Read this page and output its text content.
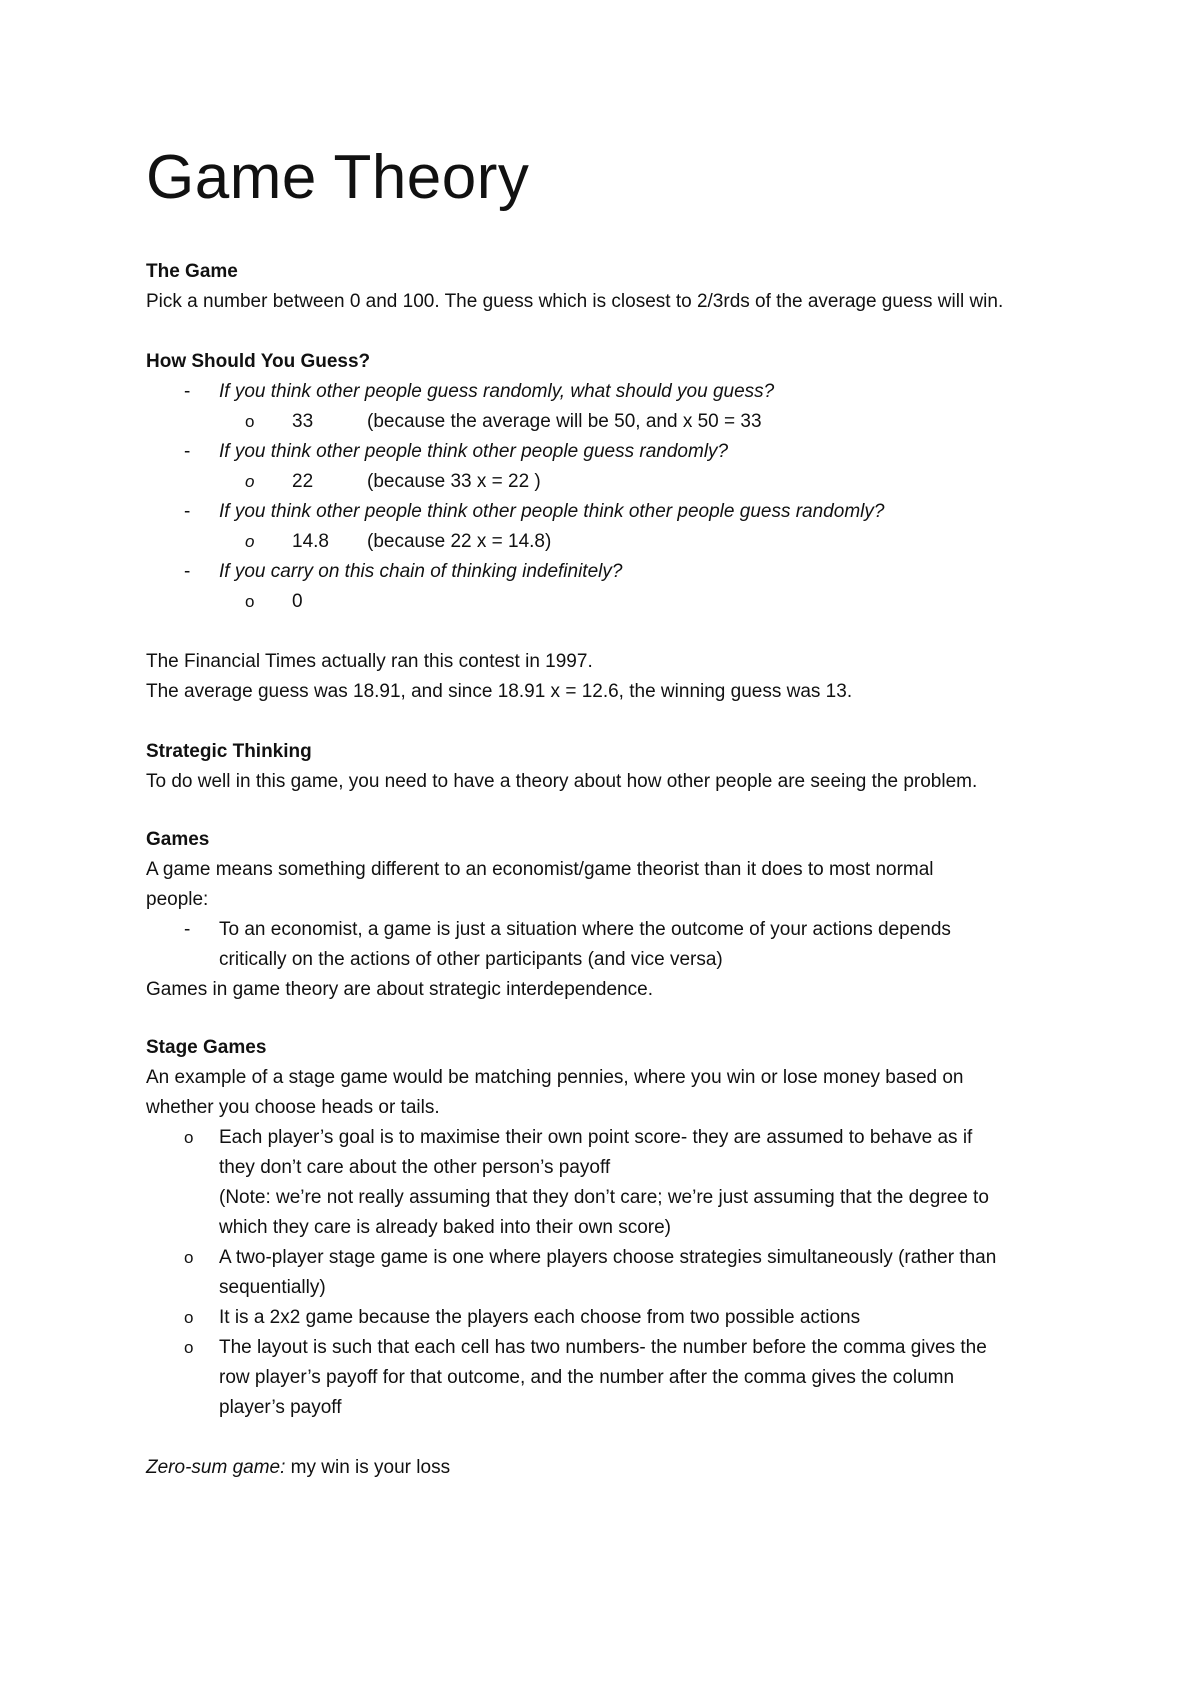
Game Theory

The Game

Pick a number between 0 and 100. The guess which is closest to 2/3rds of the average guess will win.

How Should You Guess?

- If you think other people guess randomly, what should you guess?

o 33	(because the average will be 50, and x 50 = 33

- If you think other people think other people guess randomly?

o 22	(because 33 x = 22 )

- If you think other people think other people think other people guess randomly?

o 14.8 (because 22 x = 14.8)

- If you carry on this chain of thinking indefinitely?

o 0

The Financial Times actually ran this contest in 1997.

The average guess was 18.91, and since 18.91 x = 12.6, the winning guess was 13.

Strategic Thinking

To do well in this game, you need to have a theory about how other people are seeing the problem.

Games

A game means something different to an economist/game theorist than it does to most normal

people:

- To an economist, a game is just a situation where the outcome of your actions depends

critically on the actions of other participants (and vice versa)

Games in game theory are about strategic interdependence.

Stage Games

An example of a stage game would be matching pennies, where you win or lose money based on

whether you choose heads or tails.

o Each player’s goal is to maximise their own point score- they are assumed to behave as if

they don’t care about the other person’s payoff

(Note: we’re not really assuming that they don’t care; we’re just assuming that the degree to

which they care is already baked into their own score)

o A two-player stage game is one where players choose strategies simultaneously (rather than

sequentially)

o It is a 2x2 game because the players each choose from two possible actions

o The layout is such that each cell has two numbers- the number before the comma gives the

row player’s payoff for that outcome, and the number after the comma gives the column

player’s payoff

Zero-sum game: my win is your loss
